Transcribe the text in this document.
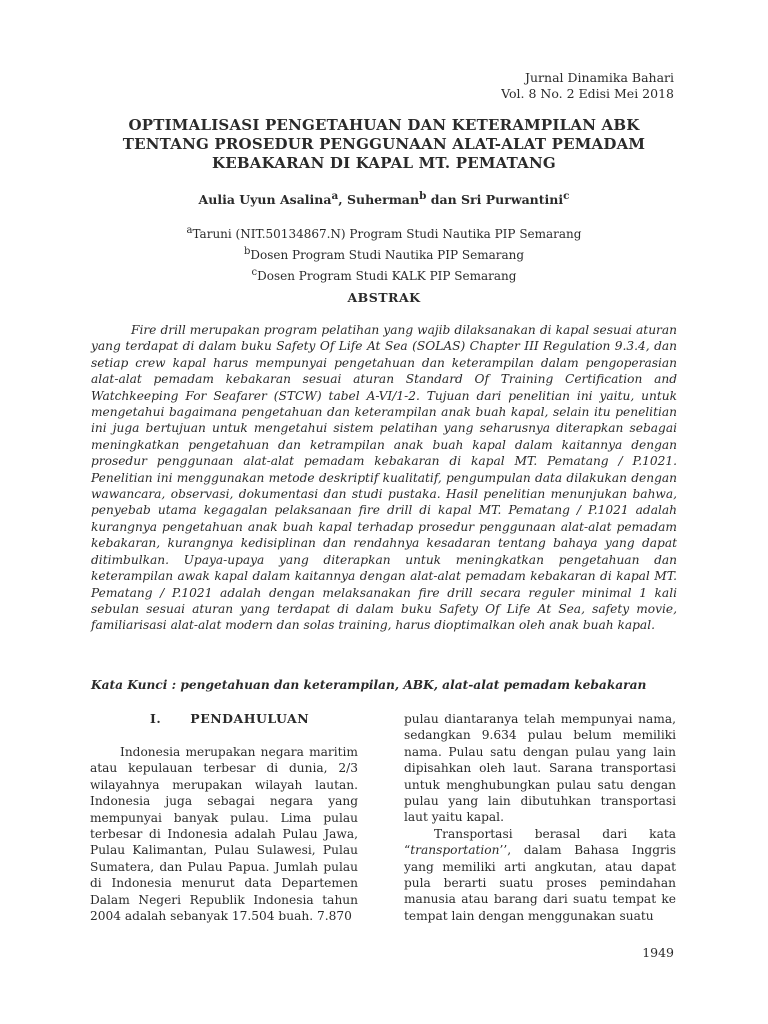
Jurnal Dinamika Bahari
Vol. 8 No. 2 Edisi Mei 2018
OPTIMALISASI PENGETAHUAN DAN KETERAMPILAN ABK TENTANG PROSEDUR PENGGUNAAN ALAT-ALAT PEMADAM KEBAKARAN DI KAPAL MT. PEMATANG
Aulia Uyun Asalina$^a$, Suherman$^b$ dan Sri Purwantini$^c$
$^a$Taruni (NIT.50134867.N) Program Studi Nautika PIP Semarang
$^b$Dosen Program Studi Nautika PIP Semarang
$^c$Dosen Program Studi KALK PIP Semarang
ABSTRAK

Fire drill merupakan program pelatihan yang wajib dilaksanakan di kapal sesuai aturan yang terdapat di dalam buku Safety Of Life At Sea (SOLAS) Chapter III Regulation 9.3.4, dan setiap crew kapal harus mempunyai pengetahuan dan keterampilan dalam pengoperasian alat-alat pemadam kebakaran sesuai aturan Standard Of Training Certification and Watchkeeping For Seafarer (STCW) tabel A-VI/1-2. Tujuan dari penelitian ini yaitu, untuk mengetahui bagaimana pengetahuan dan keterampilan anak buah kapal, selain itu penelitian ini juga bertujuan untuk mengetahui sistem pelatihan yang seharusnya diterapkan sebagai meningkatkan pengetahuan dan ketrampilan anak buah kapal dalam kaitannya dengan prosedur penggunaan alat-alat pemadam kebakaran di kapal MT. Pematang / P.1021. Penelitian ini menggunakan metode deskriptif kualitatif, pengumpulan data dilakukan dengan wawancara, observasi, dokumentasi dan studi pustaka. Hasil penelitian menunjukan bahwa, penyebab utama kegagalan pelaksanaan fire drill di kapal MT. Pematang / P.1021 adalah kurangnya pengetahuan anak buah kapal terhadap prosedur penggunaan alat-alat pemadam kebakaran, kurangnya kedisiplinan dan rendahnya kesadaran tentang bahaya yang dapat ditimbulkan. Upaya-upaya yang diterapkan untuk meningkatkan pengetahuan dan keterampilan awak kapal dalam kaitannya dengan alat-alat pemadam kebakaran di kapal MT. Pematang / P.1021 adalah dengan melaksanakan fire drill secara reguler minimal 1 kali sebulan sesuai aturan yang terdapat di dalam buku Safety Of Life At Sea, safety movie, familiarisasi alat-alat modern dan solas training, harus dioptimalkan oleh anak buah kapal.

Kata Kunci : pengetahuan dan keterampilan, ABK, alat-alat pemadam kebakaran
I.      PENDAHULUAN

Indonesia merupakan negara maritim atau kepulauan terbesar di dunia, 2/3 wilayahnya merupakan wilayah lautan. Indonesia juga sebagai negara yang mempunyai banyak pulau. Lima pulau terbesar di Indonesia adalah Pulau Jawa, Pulau Kalimantan, Pulau Sulawesi, Pulau Sumatera, dan Pulau Papua. Jumlah pulau di Indonesia menurut data Departemen Dalam Negeri Republik Indonesia tahun 2004 adalah sebanyak 17.504 buah. 7.870

pulau diantaranya telah mempunyai nama, sedangkan 9.634 pulau belum memiliki nama. Pulau satu dengan pulau yang lain dipisahkan oleh laut. Sarana transportasi untuk menghubungkan pulau satu dengan pulau yang lain dibutuhkan transportasi laut yaitu kapal.

Transportasi berasal dari kata “transportation’’, dalam Bahasa Inggris yang memiliki arti angkutan, atau dapat pula berarti suatu proses pemindahan manusia atau barang dari suatu tempat ke tempat lain dengan menggunakan suatu

1949
